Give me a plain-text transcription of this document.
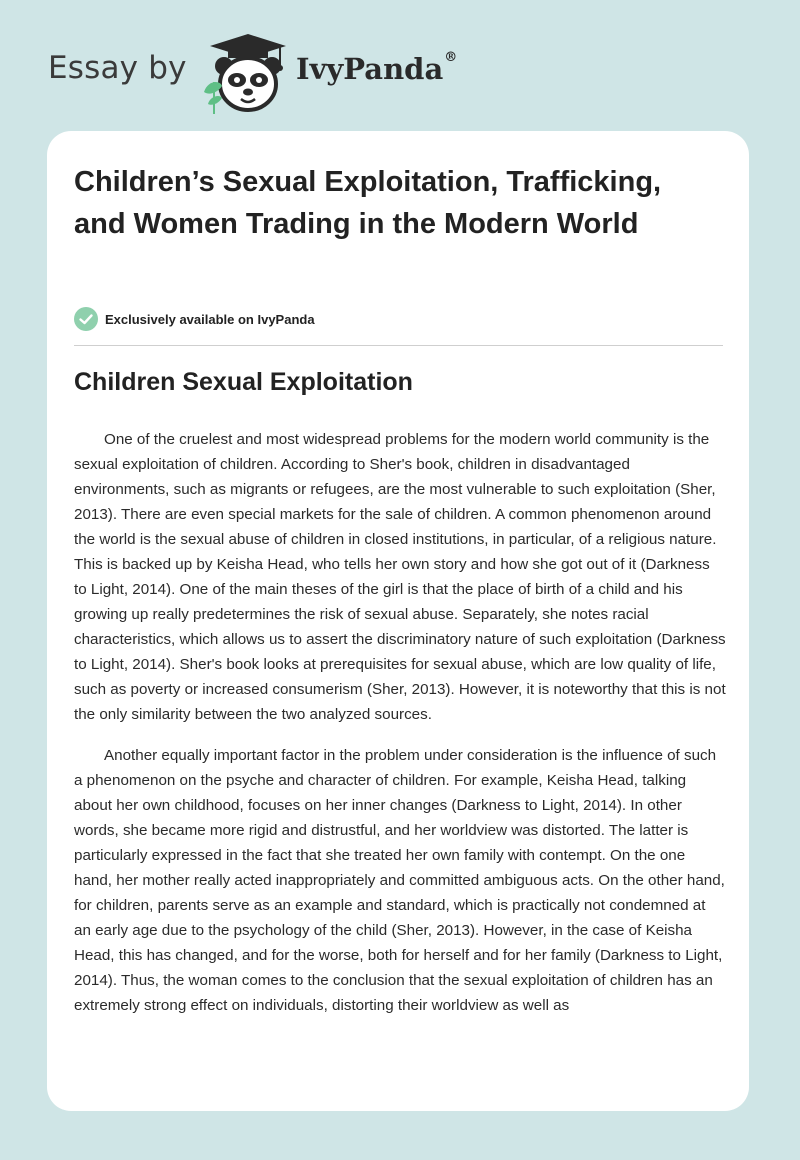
Essay by	IvyPanda®
Children’s Sexual Exploitation, Trafficking, and Women Trading in the Modern World
Exclusively available on IvyPanda
Children Sexual Exploitation

One of the cruelest and most widespread problems for the modern world community is the sexual exploitation of children. According to Sher's book, children in disadvantaged environments, such as migrants or refugees, are the most vulnerable to such exploitation (Sher, 2013). There are even special markets for the sale of children. A common phenomenon around the world is the sexual abuse of children in closed institutions, in particular, of a religious nature. This is backed up by Keisha Head, who tells her own story and how she got out of it (Darkness to Light, 2014). One of the main theses of the girl is that the place of birth of a child and his growing up really predetermines the risk of sexual abuse. Separately, she notes racial characteristics, which allows us to assert the discriminatory nature of such exploitation (Darkness to Light, 2014). Sher's book looks at prerequisites for sexual abuse, which are low quality of life, such as poverty or increased consumerism (Sher, 2013). However, it is noteworthy that this is not the only similarity between the two analyzed sources.

Another equally important factor in the problem under consideration is the influence of such a phenomenon on the psyche and character of children. For example, Keisha Head, talking about her own childhood, focuses on her inner changes (Darkness to Light, 2014). In other words, she became more rigid and distrustful, and her worldview was distorted. The latter is particularly expressed in the fact that she treated her own family with contempt. On the one hand, her mother really acted inappropriately and committed ambiguous acts. On the other hand, for children, parents serve as an example and standard, which is practically not condemned at an early age due to the psychology of the child (Sher, 2013). However, in the case of Keisha Head, this has changed, and for the worse, both for herself and for her family (Darkness to Light, 2014). Thus, the woman comes to the conclusion that the sexual exploitation of children has an extremely strong effect on individuals, distorting their worldview as well as
